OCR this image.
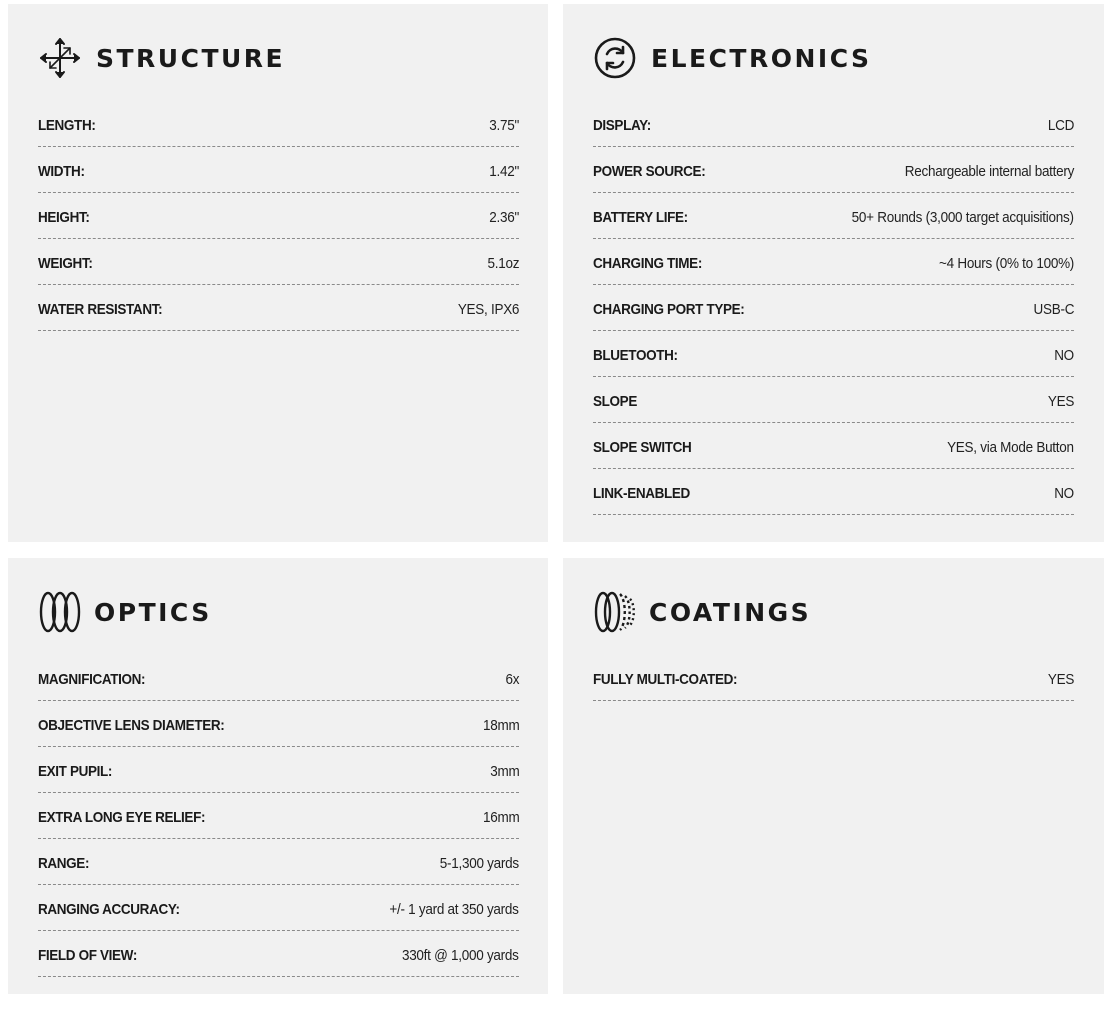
STRUCTURE
LENGTH:	3.75"
WIDTH:	1.42"
HEIGHT:	2.36"
WEIGHT:	5.1oz
WATER RESISTANT:	YES, IPX6
ELECTRONICS
DISPLAY:	LCD
POWER SOURCE:	Rechargeable internal battery
BATTERY LIFE:	50+ Rounds (3,000 target acquisitions)
CHARGING TIME:	~4 Hours (0% to 100%)
CHARGING PORT TYPE:	USB-C
BLUETOOTH:	NO
SLOPE	YES
SLOPE SWITCH	YES, via Mode Button
LINK-ENABLED	NO
OPTICS
MAGNIFICATION:	6x
OBJECTIVE LENS DIAMETER:	18mm
EXIT PUPIL:	3mm
EXTRA LONG EYE RELIEF:	16mm
RANGE:	5-1,300 yards
RANGING ACCURACY:	+/- 1 yard at 350 yards
FIELD OF VIEW:	330ft @ 1,000 yards
COATINGS
FULLY MULTI-COATED:	YES
